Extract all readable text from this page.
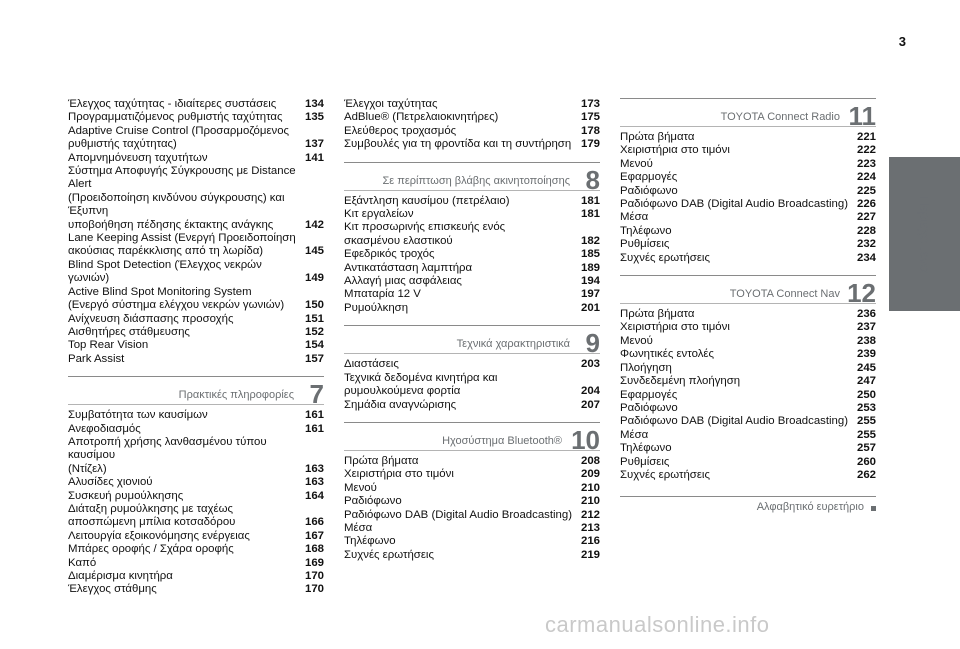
3
Περιεχόμενα
Έλεγχος ταχύτητας - ιδιαίτερες συστάσεις	134
Προγραμματιζόμενος ρυθμιστής ταχύτητας	135
Adaptive Cruise Control (Προσαρμοζόμενος
ρυθμιστής ταχύτητας)	137
Απομνημόνευση ταχυτήτων	141
Σύστημα Αποφυγής Σύγκρουσης με Distance Alert
(Προειδοποίηση κινδύνου σύγκρουσης) και Έξυπνη
υποβοήθηση πέδησης έκτακτης ανάγκης	142
Lane Keeping Assist (Ενεργή Προειδοποίηση
ακούσιας παρέκκλισης από τη λωρίδα)	145
Blind Spot Detection (Έλεγχος νεκρών γωνιών)	149
Active Blind Spot Monitoring System
(Ενεργό σύστημα ελέγχου νεκρών γωνιών)	150
Ανίχνευση διάσπασης προσοχής	151
Αισθητήρες στάθμευσης	152
Top Rear Vision	154
Park Assist	157
Πρακτικές πληροφορίες 7
Συμβατότητα των καυσίμων	161
Ανεφοδιασμός	161
Αποτροπή χρήσης λανθασμένου τύπου καυσίμου
(Ντίζελ)	163
Αλυσίδες χιονιού	163
Συσκευή ρυμούλκησης	164
Διάταξη ρυμούλκησης με ταχέως
αποσπώμενη μπίλια κοτσαδόρου	166
Λειτουργία εξοικονόμησης ενέργειας	167
Μπάρες οροφής / Σχάρα οροφής	168
Καπό	169
Διαμέρισμα κινητήρα	170
Έλεγχος στάθμης	170
Έλεγχοι ταχύτητας	173
AdBlue® (Πετρελαιοκινητήρες)	175
Ελεύθερος τροχασμός	178
Συμβουλές για τη φροντίδα και τη συντήρηση 179
Σε περίπτωση βλάβης ακινητοποίησης 8
Εξάντληση καυσίμου (πετρέλαιο)	181
Κιτ εργαλείων	181
Κιτ προσωρινής επισκευής ενός
σκασμένου ελαστικού	182
Εφεδρικός τροχός	185
Αντικατάσταση λαμπτήρα	189
Αλλαγή μιας ασφάλειας	194
Μπαταρία 12 V	197
Ρυμούλκηση	201
Τεχνικά χαρακτηριστικά 9
Διαστάσεις	203
Τεχνικά δεδομένα κινητήρα και
ρυμουλκούμενα φορτία	204
Σημάδια αναγνώρισης	207
Ηχοσύστημα Bluetooth® 10
Πρώτα βήματα	208
Χειριστήρια στο τιμόνι	209
Μενού	210
Ραδιόφωνο	210
Ραδιόφωνο DAB (Digital Audio Broadcasting) 212
Μέσα	213
Τηλέφωνο	216
Συχνές ερωτήσεις	219
TOYOTA Connect Radio 11
Πρώτα βήματα	221
Χειριστήρια στο τιμόνι	222
Μενού	223
Εφαρμογές	224
Ραδιόφωνο	225
Ραδιόφωνο DAB (Digital Audio Broadcasting) 226
Μέσα	227
Τηλέφωνο	228
Ρυθμίσεις	232
Συχνές ερωτήσεις	234
TOYOTA Connect Nav 12
Πρώτα βήματα	236
Χειριστήρια στο τιμόνι	237
Μενού	238
Φωνητικές εντολές	239
Πλοήγηση	245
Συνδεδεμένη πλοήγηση	247
Εφαρμογές	250
Ραδιόφωνο	253
Ραδιόφωνο DAB (Digital Audio Broadcasting) 255
Μέσα	255
Τηλέφωνο	257
Ρυθμίσεις	260
Συχνές ερωτήσεις	262
Αλφαβητικό ευρετήριο
carmanualsonline.info
